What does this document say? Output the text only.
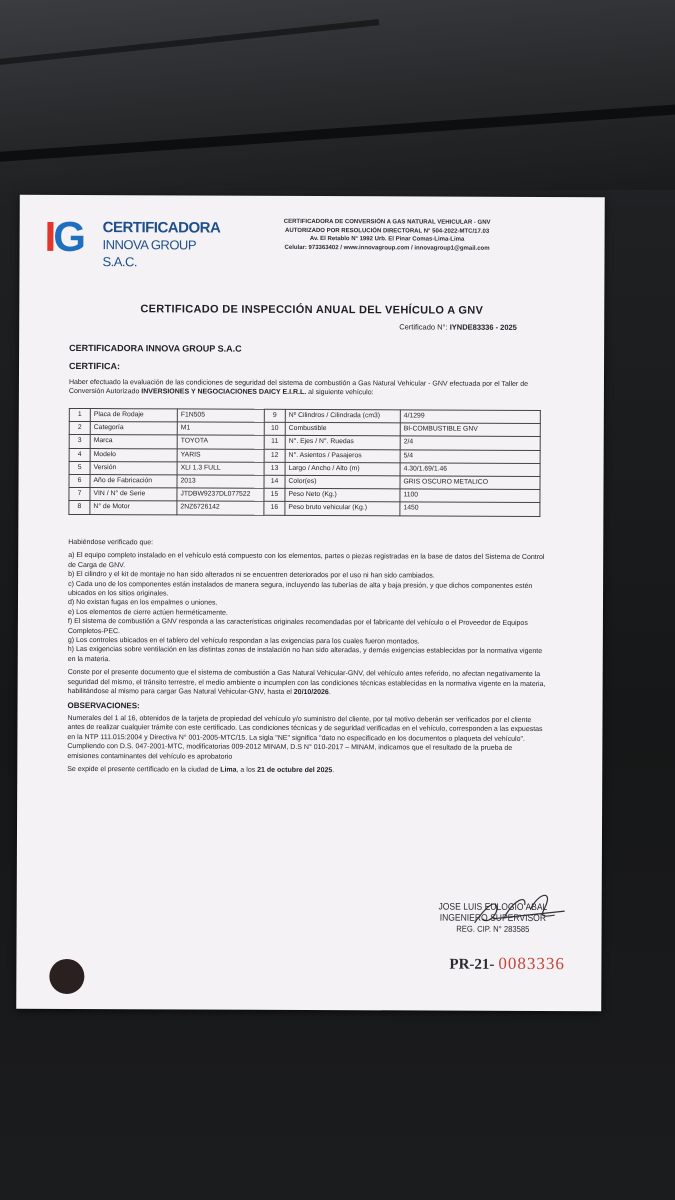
IG CERTIFICADORA
INNOVA GROUP S.A.C.
CERTIFICADORA DE CONVERSIÓN A GAS NATURAL VEHICULAR - GNV
AUTORIZADO POR RESOLUCIÓN DIRECTORAL N° 504-2022-MTC/17.03
Av. El Retablo N° 1992 Urb. El Pinar Comas-Lima-Lima
Celular: 973363402 / www.innovagroup.com / innovagroup1@gmail.com
CERTIFICADO DE INSPECCIÓN ANUAL DEL VEHÍCULO A GNV
Certificado N°: IYNDE83336 - 2025
CERTIFICADORA INNOVA GROUP S.A.C
CERTIFICA:
Haber efectuado la evaluación de las condiciones de seguridad del sistema de combustión a Gas Natural Vehicular - GNV efectuada por el Taller de Conversión Autorizado INVERSIONES Y NEGOCIACIONES DAICY E.I.R.L. al siguiente vehículo:
1	Placa de Rodaje	F1N505	9	Nº Cilindros / Cilindrada (cm3)	4/1299
2	Categoría	M1	10	Combustible	BI-COMBUSTIBLE GNV
3	Marca	TOYOTA	11	N°. Ejes / N°. Ruedas	2/4
4	Modelo	YARIS	12	N°. Asientos / Pasajeros	5/4
5	Versión	XLI 1.3 FULL	13	Largo / Ancho / Alto (m)	4.30/1.69/1.46
6	Año de Fabricación	2013	14	Color(es)	GRIS OSCURO METALICO
7	VIN / N° de Serie	JTDBW9237DL077522	15	Peso Neto (Kg.)	1100
8	N° de Motor	2NZ6726142	16	Peso bruto vehicular (Kg.)	1450

Habiéndose verificado que:

a) El equipo completo instalado en el vehículo está compuesto con los elementos, partes o piezas registradas en la base de datos del Sistema de Control de Carga de GNV.

b) El cilindro y el kit de montaje no han sido alterados ni se encuentren deteriorados por el uso ni han sido cambiados.

c) Cada uno de los componentes están instalados de manera segura, incluyendo las tuberías de alta y baja presión, y que dichos componentes estén ubicados en los sitios originales.

d) No existan fugas en los empalmes o uniones.

e) Los elementos de cierre actúen herméticamente.

f) El sistema de combustión a GNV responda a las características originales recomendadas por el fabricante del vehículo o el Proveedor de Equipos Completos-PEC.

g) Los controles ubicados en el tablero del vehículo respondan a las exigencias para los cuales fueron montados.

h) Las exigencias sobre ventilación en las distintas zonas de instalación no han sido alteradas, y demás exigencias establecidas por la normativa vigente en la materia.

Conste por el presente documento que el sistema de combustión a Gas Natural Vehicular-GNV, del vehículo antes referido, no afectan negativamente la seguridad del mismo, el tránsito terrestre, el medio ambiente o incumplen con las condiciones técnicas establecidas en la normativa vigente en la materia, habilitándose al mismo para cargar Gas Natural Vehicular-GNV, hasta el 20/10/2026.

OBSERVACIONES:

Numerales del 1 al 16, obtenidos de la tarjeta de propiedad del vehículo y/o suministro del cliente, por tal motivo deberán ser verificados por el cliente antes de realizar cualquier trámite con este certificado. Las condiciones técnicas y de seguridad verificadas en el vehículo, corresponden a las expuestas en la NTP 111.015:2004 y Directiva N° 001-2005-MTC/15. La sigla "NE" significa "dato no especificado en los documentos o plaqueta del vehículo". Cumpliendo con D.S. 047-2001-MTC, modificatorias 009-2012 MINAM, D.S N° 010-2017 – MINAM, indicamos que el resultado de la prueba de emisiones contaminantes del vehículo es aprobatorio

Se expide el presente certificado en la ciudad de Lima, a los 21 de octubre del 2025.

JOSE LUIS EULOGIO ABAL
INGENIERO SUPERVISOR
REG. CIP. N° 283585
PR-21- 0083336
